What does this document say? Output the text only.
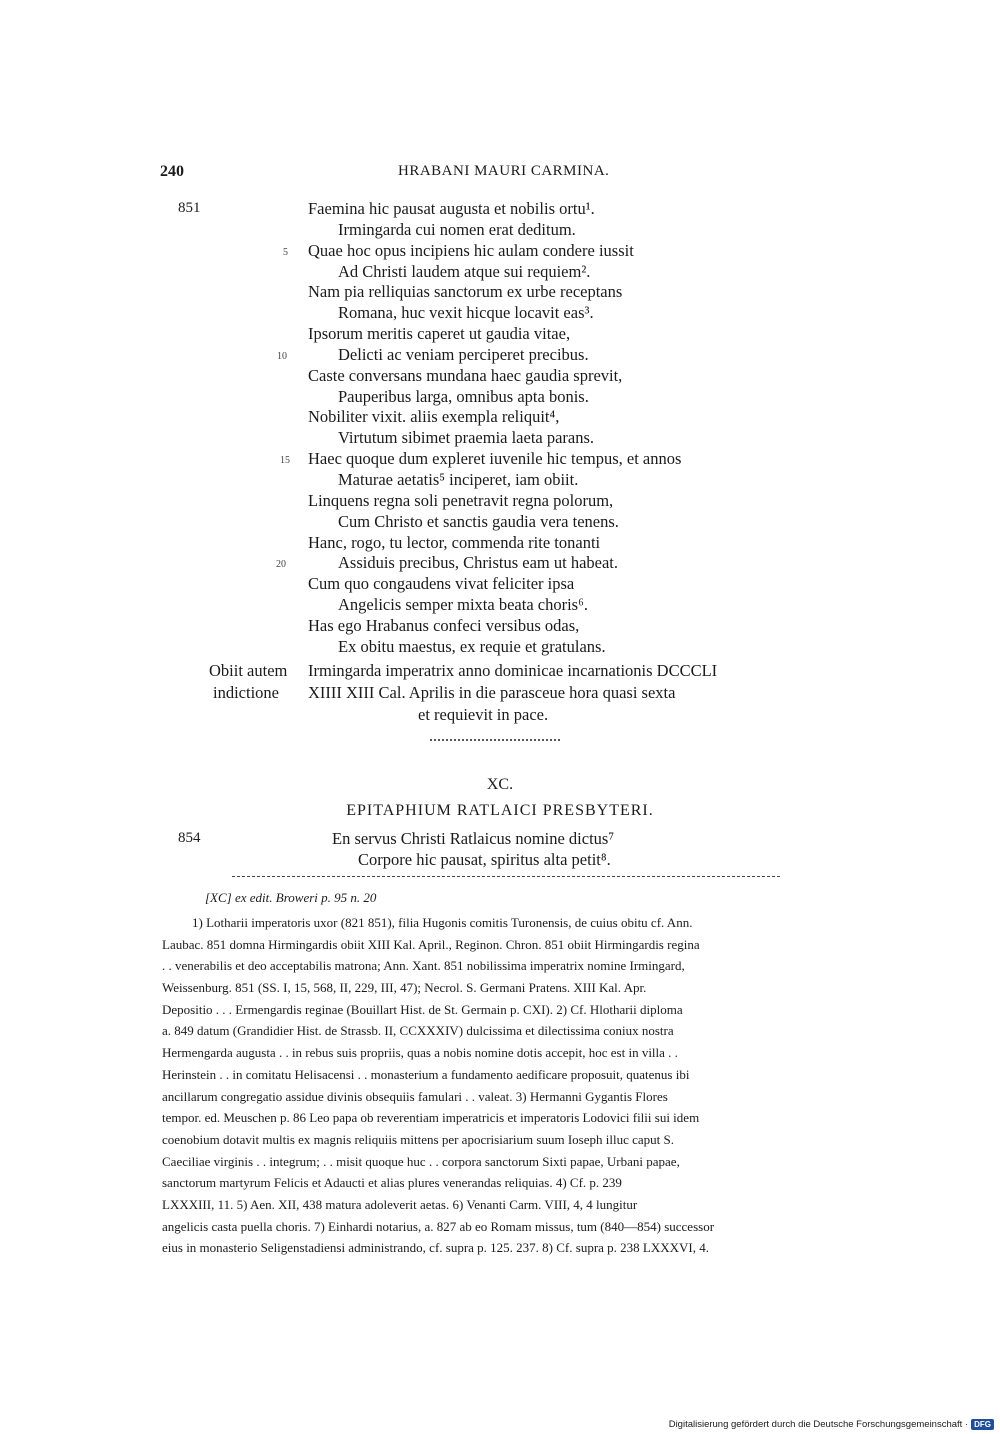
240	HRABANI MAURI CARMINA.
851
5
10
15
20
Faemina hic pausat augusta et nobilis ortu¹.
Irmingarda cui nomen erat deditum.
Quae hoc opus incipiens hic aulam condere iussit
Ad Christi laudem atque sui requiem².
Nam pia relliquias sanctorum ex urbe receptans
Romana, huc vexit hicque locavit eas³.
Ipsorum meritis caperet ut gaudia vitae,
Delicti ac veniam perciperet precibus.
Caste conversans mundana haec gaudia sprevit,
Pauperibus larga, omnibus apta bonis.
Nobiliter vixit. aliis exempla reliquit⁴,
Virtutum sibimet praemia laeta parans.
Haec quoque dum expleret iuvenile hic tempus, et annos
Maturae aetatis⁵ inciperet, iam obiit.
Linquens regna soli penetravit regna polorum,
Cum Christo et sanctis gaudia vera tenens.
Hanc, rogo, tu lector, commenda rite tonanti
Assiduis precibus, Christus eam ut habeat.
Cum quo congaudens vivat feliciter ipsa
Angelicis semper mixta beata choris⁶.
Has ego Hrabanus confeci versibus odas,
Ex obitu maestus, ex requie et gratulans.
Obiit autem Irmingarda imperatrix anno dominicae incarnationis DCCCLI
indictione XIIII XIII Cal. Aprilis in die parasceue hora quasi sexta
et requievit in pace.
XC.
EPITAPHIUM RATLAICI PRESBYTERI.
854	En servus Christi Ratlaicus nomine dictus⁷
Corpore hic pausat, spiritus alta petit⁸.
[XC] ex edit. Broweri p. 95 n. 20
1) Lotharii imperatoris uxor (821 851), filia Hugonis comitis Turonensis, de cuius obitu cf. Ann.
Laubac. 851 domna Hirmingardis obiit XIII Kal. April., Reginon. Chron. 851 obiit Hirmingardis regina
. . venerabilis et deo acceptabilis matrona; Ann. Xant. 851 nobilissima imperatrix nomine Irmingard,
Weissenburg. 851 (SS. I, 15, 568, II, 229, III, 47); Necrol. S. Germani Pratens. XIII Kal. Apr.
Depositio . . . Ermengardis reginae (Bouillart Hist. de St. Germain p. CXI). 2) Cf. Hlotharii diploma
a. 849 datum (Grandidier Hist. de Strassb. II, CCXXXIV) dulcissima et dilectissima coniux nostra
Hermengarda augusta . . in rebus suis propriis, quas a nobis nomine dotis accepit, hoc est in villa . .
Herinstein . . in comitatu Helisacensi . . monasterium a fundamento aedificare proposuit, quatenus ibi
ancillarum congregatio assidue divinis obsequiis famulari . . valeat. 3) Hermanni Gygantis Flores
tempor. ed. Meuschen p. 86 Leo papa ob reverentiam imperatricis et imperatoris Lodovici filii sui idem
coenobium dotavit multis ex magnis reliquiis mittens per apocrisiarium suum Ioseph illuc caput S.
Caeciliae virginis . . integrum; . . misit quoque huc . . corpora sanctorum Sixti papae, Urbani papae,
sanctorum martyrum Felicis et Adaucti et alias plures venerandas reliquias. 4) Cf. p. 239
LXXXIII, 11. 5) Aen. XII, 438 matura adoleverit aetas. 6) Venanti Carm. VIII, 4, 4 lungitur
angelicis casta puella choris. 7) Einhardi notarius, a. 827 ab eo Romam missus, tum (840—854) successor
eius in monasterio Seligenstadiensi administrando, cf. supra p. 125. 237. 8) Cf. supra p. 238 LXXXVI, 4.
Digitalisierung gefördert durch die Deutsche Forschungsgemeinschaft · DFG
